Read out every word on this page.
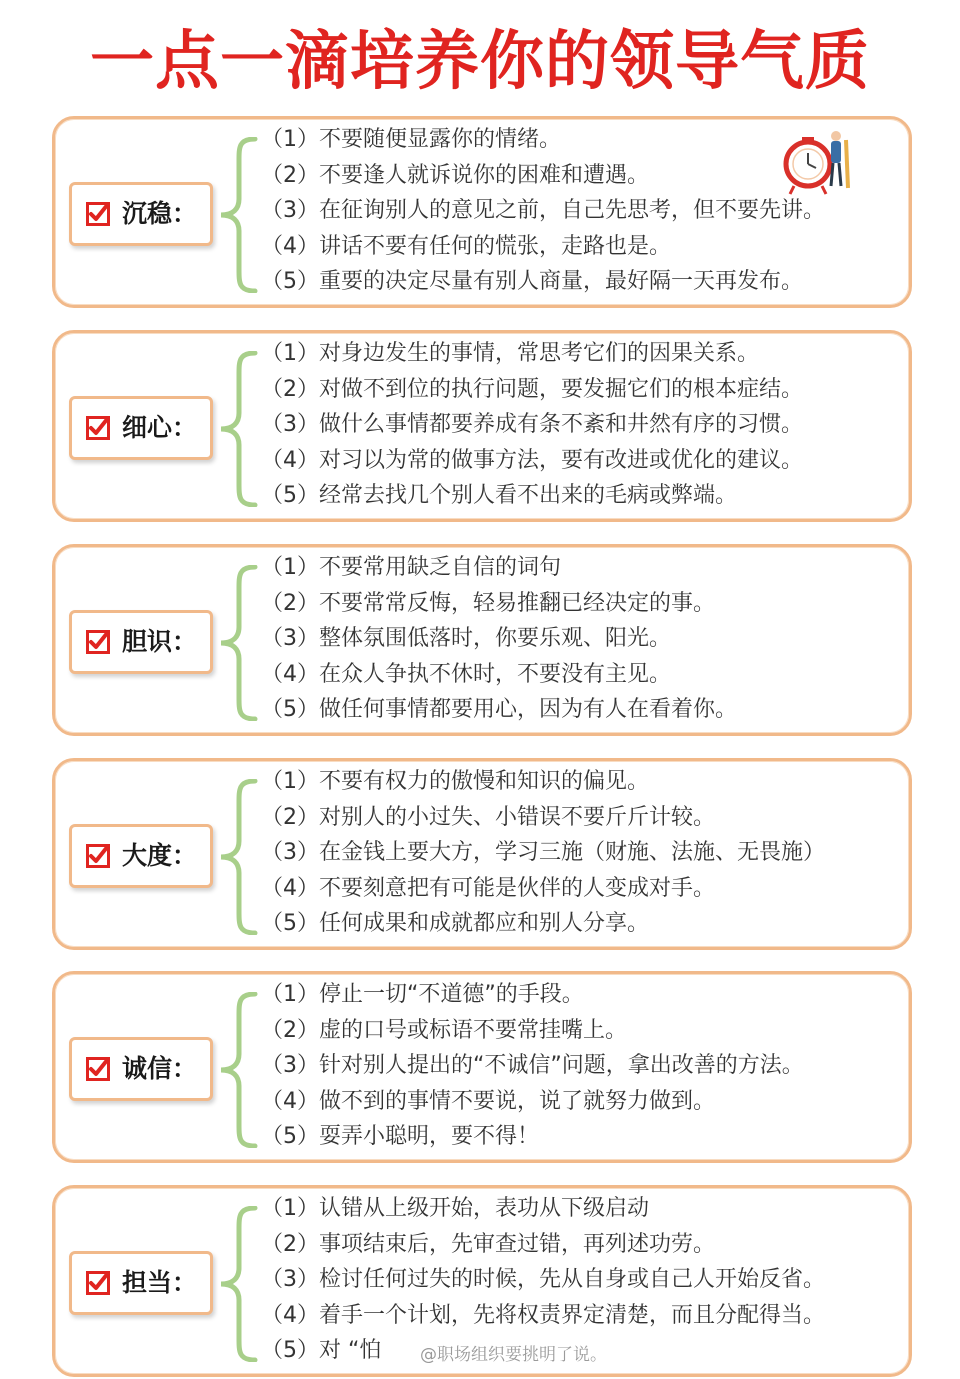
一点一滴培养你的领导气质
沉稳：
（1）不要随便显露你的情绪。
（2）不要逢人就诉说你的困难和遭遇。
（3）在征询别人的意见之前，自己先思考，但不要先讲。
（4）讲话不要有任何的慌张，走路也是。
（5）重要的决定尽量有别人商量，最好隔一天再发布。
细心：
（1）对身边发生的事情，常思考它们的因果关系。
（2）对做不到位的执行问题，要发掘它们的根本症结。
（3）做什么事情都要养成有条不紊和井然有序的习惯。
（4）对习以为常的做事方法，要有改进或优化的建议。
（5）经常去找几个别人看不出来的毛病或弊端。
胆识：
（1）不要常用缺乏自信的词句
（2）不要常常反悔，轻易推翻已经决定的事。
（3）整体氛围低落时，你要乐观、阳光。
（4）在众人争执不休时，不要没有主见。
（5）做任何事情都要用心，因为有人在看着你。
大度：
（1）不要有权力的傲慢和知识的偏见。
（2）对别人的小过失、小错误不要斤斤计较。
（3）在金钱上要大方，学习三施（财施、法施、无畏施）
（4）不要刻意把有可能是伙伴的人变成对手。
（5）任何成果和成就都应和别人分享。
诚信：
（1）停止一切“不道德”的手段。
（2）虚的口号或标语不要常挂嘴上。
（3）针对别人提出的“不诚信”问题，拿出改善的方法。
（4）做不到的事情不要说，说了就努力做到。
（5）耍弄小聪明，要不得！
担当：
（1）认错从上级开始，表功从下级启动
（2）事项结束后，先审查过错，再列述功劳。
（3）检讨任何过失的时候，先从自身或自己人开始反省。
（4）着手一个计划，先将权责界定清楚，而且分配得当。
（5）对 “怕	@职场组织要挑明了说。
